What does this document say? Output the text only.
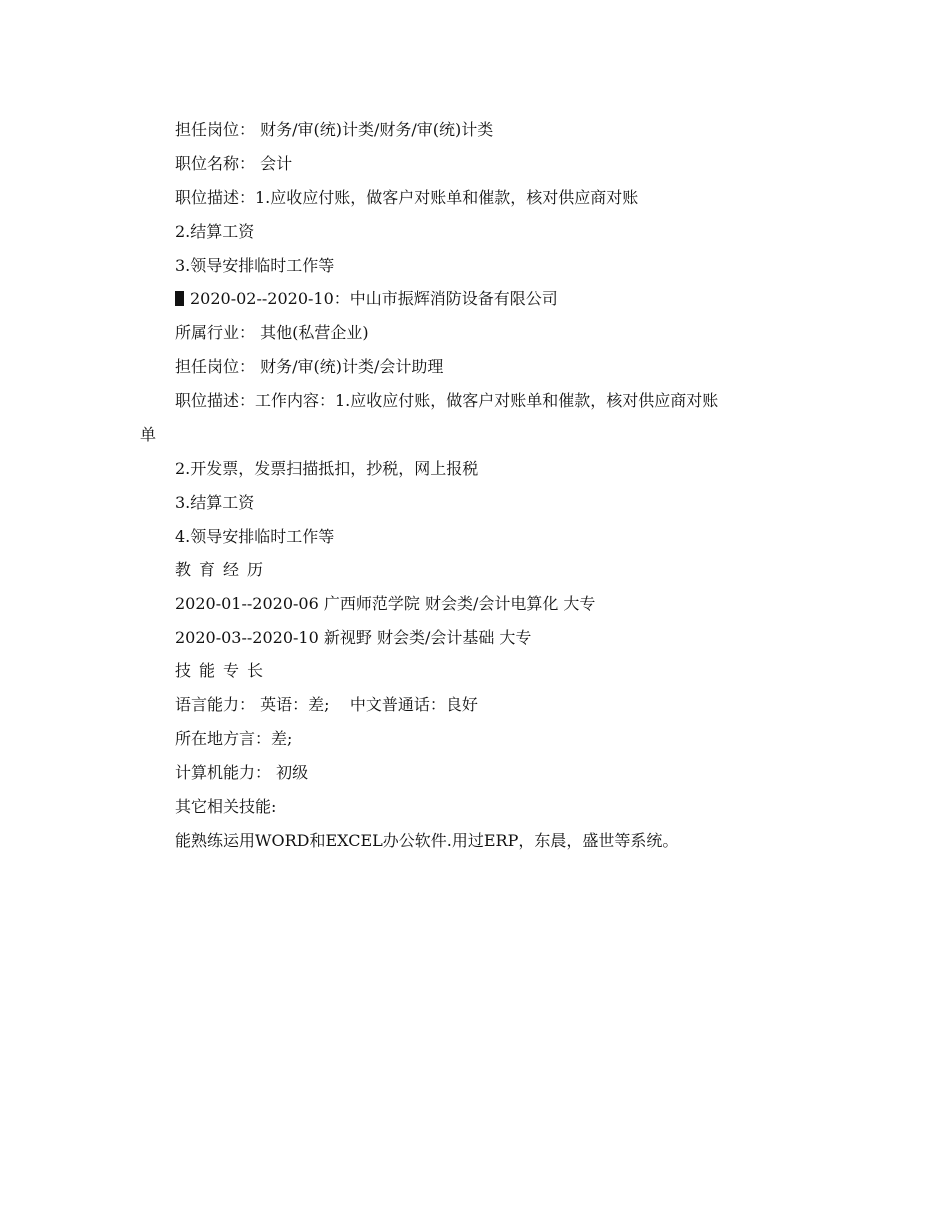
担任岗位： 财务/审(统)计类/财务/审(统)计类
职位名称： 会计
职位描述：1.应收应付账，做客户对账单和催款，核对供应商对账
2.结算工资
3.领导安排临时工作等
2020-02--2020-10：中山市振辉消防设备有限公司
所属行业： 其他(私营企业)
担任岗位： 财务/审(统)计类/会计助理
职位描述：工作内容：1.应收应付账，做客户对账单和催款，核对供应商对账
单
2.开发票，发票扫描抵扣，抄税，网上报税
3.结算工资
4.领导安排临时工作等
教育经历
2020-01--2020-06 广西师范学院 财会类/会计电算化 大专
2020-03--2020-10 新视野 财会类/会计基础 大专
技能专长
语言能力： 英语：差;    中文普通话：良好
所在地方言：差;
计算机能力： 初级
其它相关技能:
能熟练运用WORD和EXCEL办公软件.用过ERP，东晨，盛世等系统。
